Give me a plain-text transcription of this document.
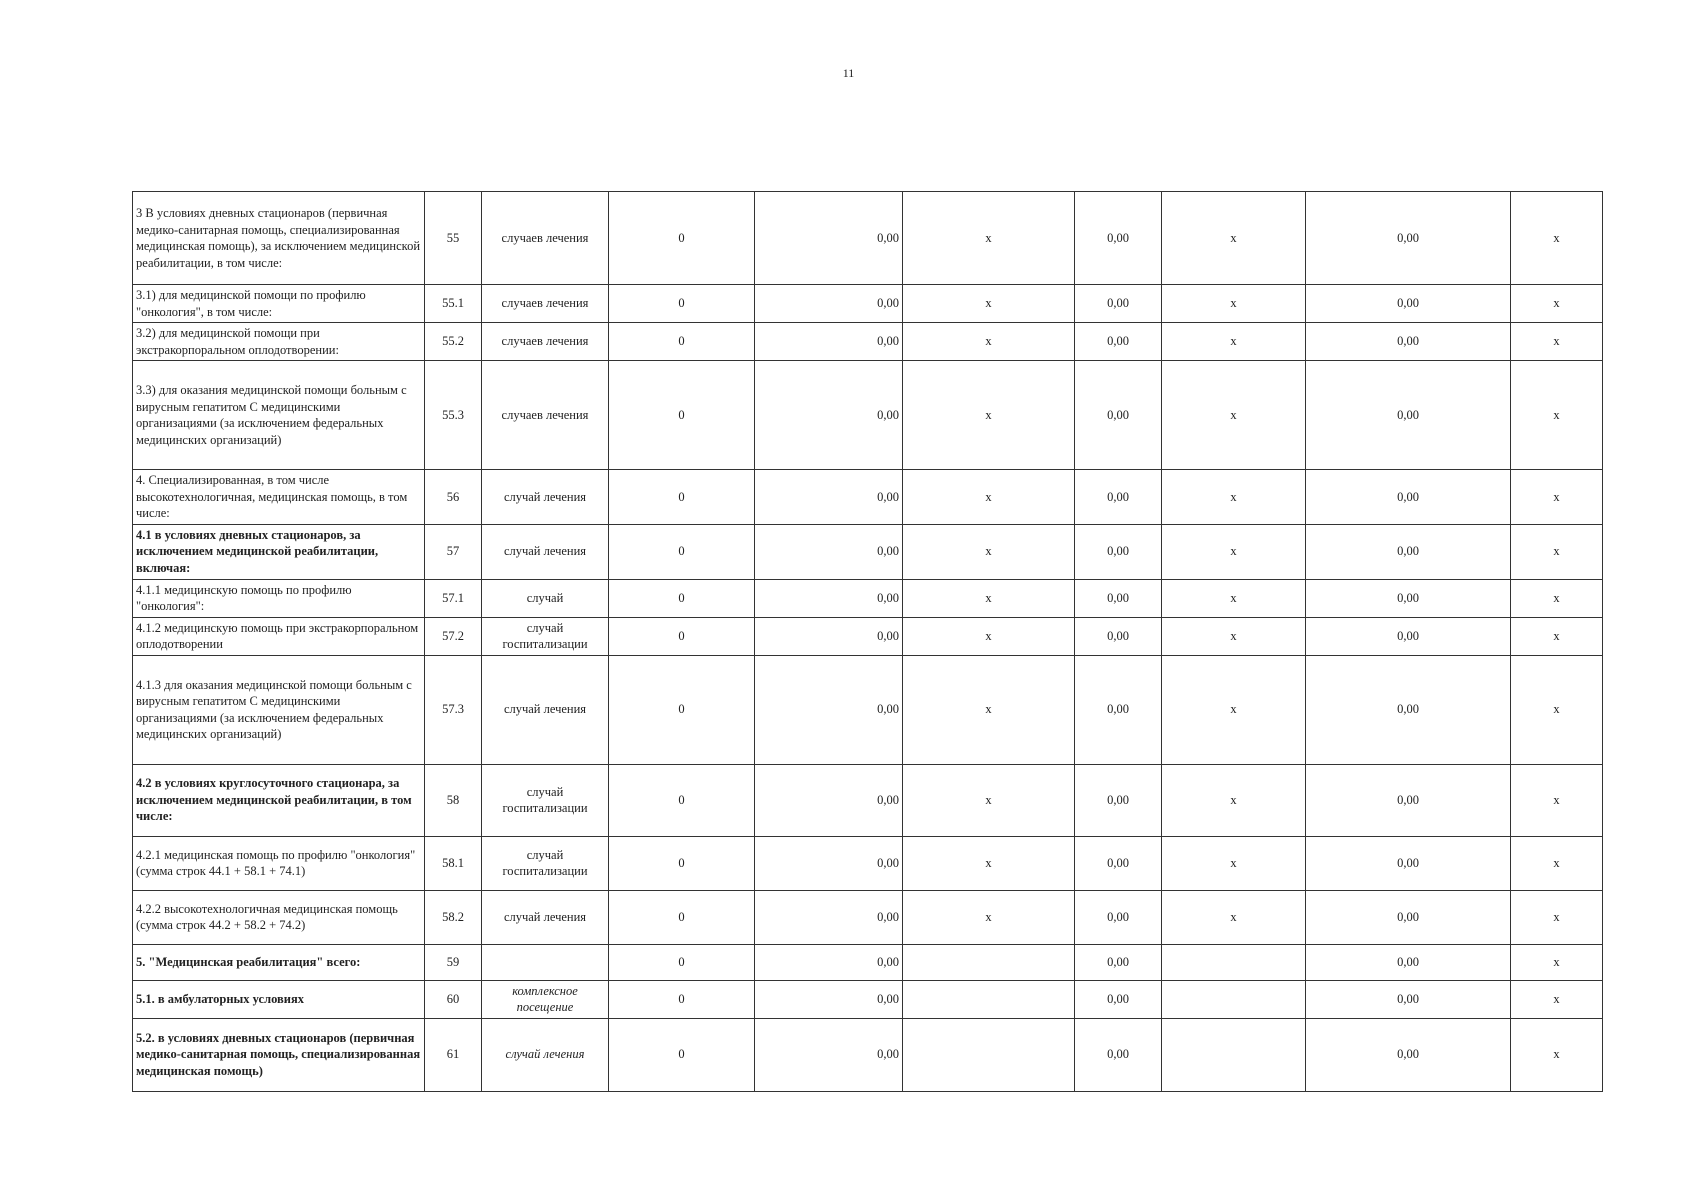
11
3 В условиях дневных стационаров (первичная медико-санитарная помощь, специализированная медицинская помощь), за исключением медицинской реабилитации, в том числе:	55	случаев лечения	0	0,00	x	0,00	x	0,00	x
3.1) для медицинской помощи по профилю "онкология", в том числе:	55.1	случаев лечения	0	0,00	x	0,00	x	0,00	x
3.2) для медицинской помощи при экстракорпоральном оплодотворении:	55.2	случаев лечения	0	0,00	x	0,00	x	0,00	x
3.3) для оказания медицинской помощи больным с вирусным гепатитом С медицинскими организациями (за исключением федеральных медицинских организаций)	55.3	случаев лечения	0	0,00	x	0,00	x	0,00	x
4. Специализированная, в том числе высокотехнологичная, медицинская помощь, в том числе:	56	случай лечения	0	0,00	x	0,00	x	0,00	x
4.1 в условиях дневных стационаров, за исключением медицинской реабилитации, включая:	57	случай лечения	0	0,00	x	0,00	x	0,00	x
4.1.1 медицинскую помощь по профилю "онкология":	57.1	случай	0	0,00	x	0,00	x	0,00	x
4.1.2 медицинскую помощь при экстракорпоральном оплодотворении	57.2	случай госпитализации	0	0,00	x	0,00	x	0,00	x
4.1.3 для оказания медицинской помощи больным с вирусным гепатитом С медицинскими организациями (за исключением федеральных медицинских организаций)	57.3	случай лечения	0	0,00	x	0,00	x	0,00	x
4.2 в условиях круглосуточного стационара, за исключением медицинской реабилитации, в том числе:	58	случай госпитализации	0	0,00	x	0,00	x	0,00	x
4.2.1 медицинская помощь по профилю "онкология" (сумма строк 44.1 + 58.1 + 74.1)	58.1	случай госпитализации	0	0,00	x	0,00	x	0,00	x
4.2.2 высокотехнологичная медицинская помощь (сумма строк 44.2 + 58.2 + 74.2)	58.2	случай лечения	0	0,00	x	0,00	x	0,00	x
5. "Медицинская реабилитация" всего:	59		0	0,00		0,00		0,00	x
5.1. в амбулаторных условиях	60	комплексное посещение	0	0,00		0,00		0,00	x
5.2. в условиях дневных стационаров (первичная медико-санитарная помощь, специализированная медицинская помощь)	61	случай лечения	0	0,00		0,00		0,00	x
